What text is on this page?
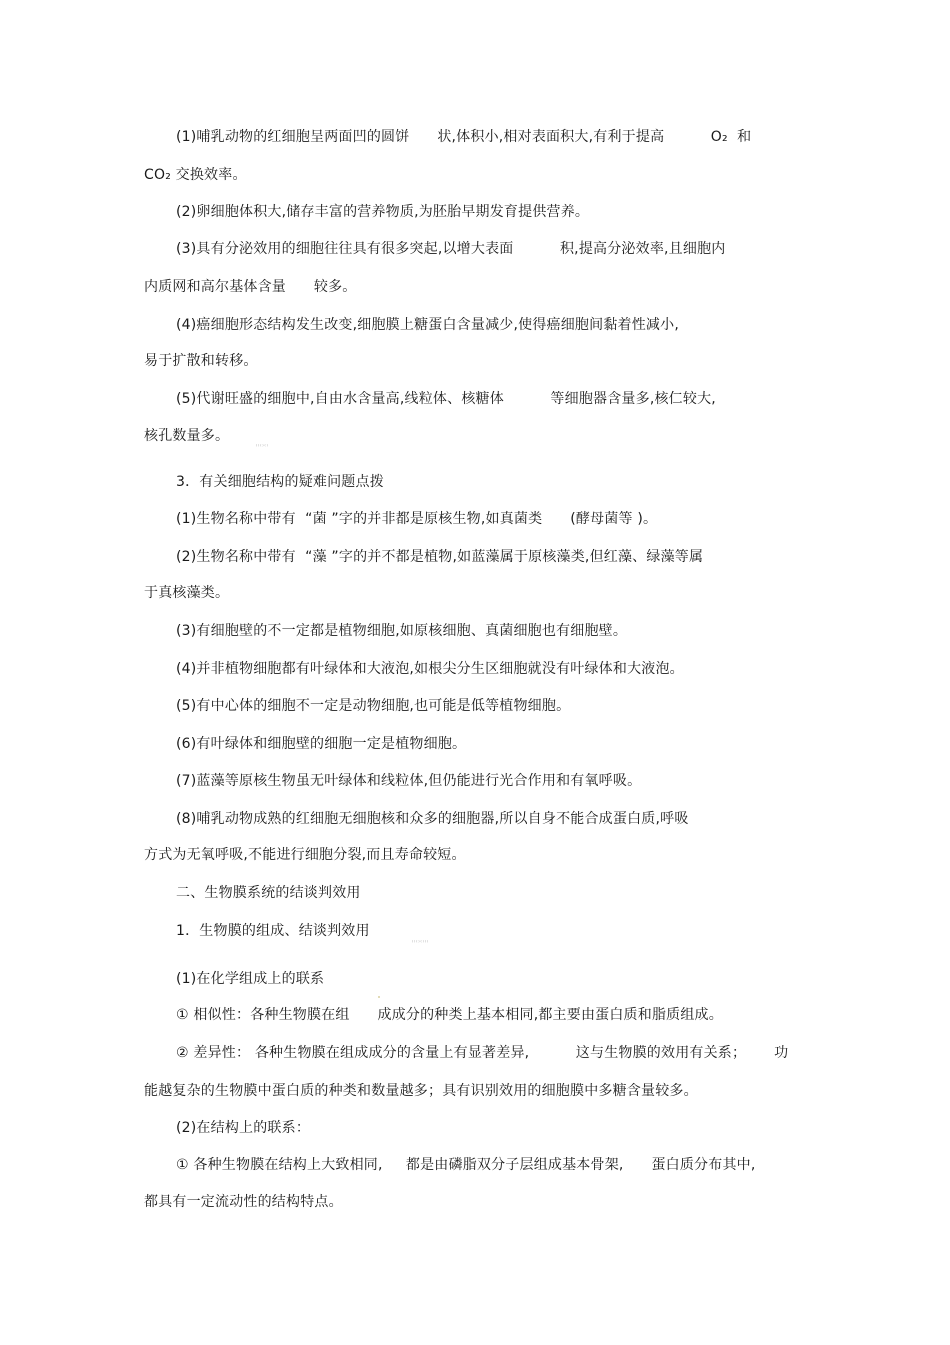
(1)哺乳动物的红细胞呈两面凹的圆饼      状,体积小,相对表面积大,有利于提高          O₂  和
CO₂ 交换效率。
(2)卵细胞体积大,储存丰富的营养物质,为胚胎早期发育提供营养。
(3)具有分泌效用的细胞往往具有很多突起,以增大表面          积,提高分泌效率,且细胞内
内质网和高尔基体含量      较多。
(4)癌细胞形态结构发生改变,细胞膜上糖蛋白含量减少,使得癌细胞间黏着性减小,
易于扩散和转移。
(5)代谢旺盛的细胞中,自由水含量高,线粒体、核糖体          等细胞器含量多,核仁较大,
核孔数量多。
( ) ( ) ( )
3．有关细胞结构的疑难问题点拨
(1)生物名称中带有  “菌 ”字的并非都是原核生物,如真菌类      (酵母菌等 )。
(2)生物名称中带有  “藻 ”字的并不都是植物,如蓝藻属于原核藻类,但红藻、绿藻等属
于真核藻类。
(3)有细胞壁的不一定都是植物细胞,如原核细胞、真菌细胞也有细胞壁。
(4)并非植物细胞都有叶绿体和大液泡,如根尖分生区细胞就没有叶绿体和大液泡。
(5)有中心体的细胞不一定是动物细胞,也可能是低等植物细胞。
(6)有叶绿体和细胞壁的细胞一定是植物细胞。
(7)蓝藻等原核生物虽无叶绿体和线粒体,但仍能进行光合作用和有氧呼吸。
(8)哺乳动物成熟的红细胞无细胞核和众多的细胞器,所以自身不能合成蛋白质,呼吸
方式为无氧呼吸,不能进行细胞分裂,而且寿命较短。
二、生物膜系统的结谈判效用
1．生物膜的组成、结谈判效用
( ) ( ) ( ) ( )
(1)在化学组成上的联系
① 相似性：各种生物膜在组      成成分的种类上基本相同,都主要由蛋白质和脂质组成。
② 差异性： 各种生物膜在组成成分的含量上有显著差异,          这与生物膜的效用有关系；      功
能越复杂的生物膜中蛋白质的种类和数量越多；具有识别效用的细胞膜中多糖含量较多。
(2)在结构上的联系：
① 各种生物膜在结构上大致相同,     都是由磷脂双分子层组成基本骨架,      蛋白质分布其中,
都具有一定流动性的结构特点。
